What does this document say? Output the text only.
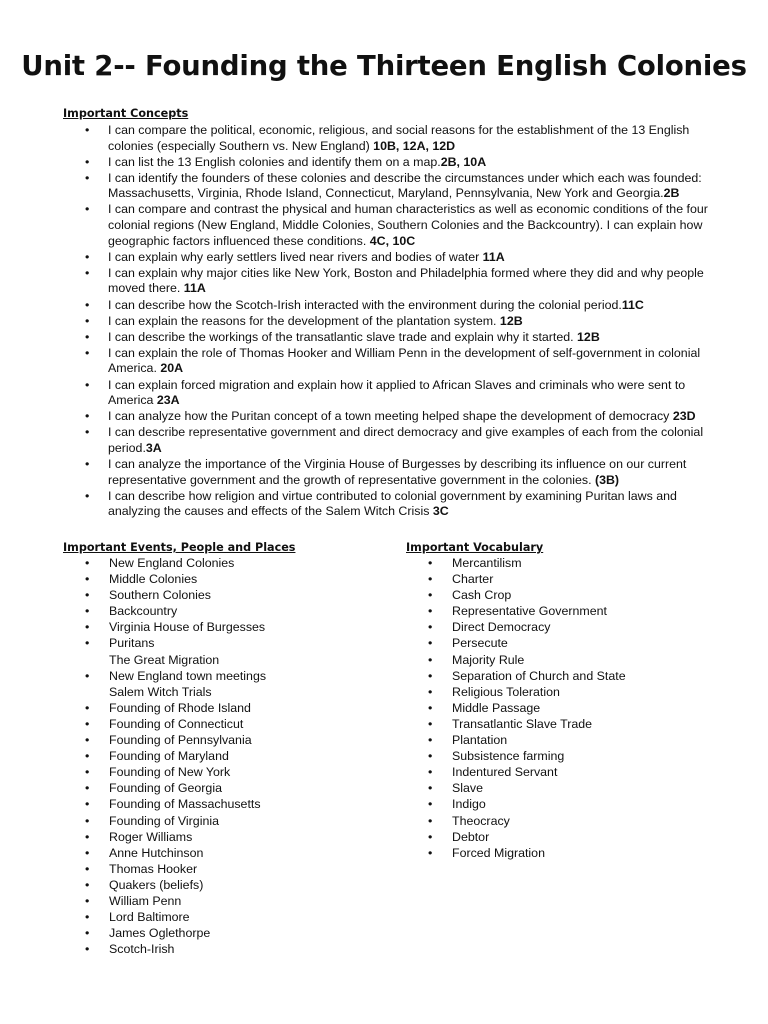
Unit 2-- Founding the Thirteen English Colonies
Important Concepts
• I can compare the political, economic, religious, and social reasons for the establishment of the 13 English colonies (especially Southern vs. New England) 10B, 12A, 12D
• I can list the 13 English colonies and identify them on a map.2B, 10A
• I can identify the founders of these colonies and describe the circumstances under which each was founded: Massachusetts, Virginia, Rhode Island, Connecticut, Maryland, Pennsylvania, New York and Georgia.2B
• I can compare and contrast the physical and human characteristics as well as economic conditions of the four colonial regions (New England, Middle Colonies, Southern Colonies and the Backcountry). I can explain how geographic factors influenced these conditions. 4C, 10C
• I can explain why early settlers lived near rivers and bodies of water 11A
• I can explain why major cities like New York, Boston and Philadelphia formed where they did and why people moved there. 11A
• I can describe how the Scotch-Irish interacted with the environment during the colonial period.11C
• I can explain the reasons for the development of the plantation system. 12B
• I can describe the workings of the transatlantic slave trade and explain why it started. 12B
• I can explain the role of Thomas Hooker and William Penn in the development of self-government in colonial America. 20A
• I can explain forced migration and explain how it applied to African Slaves and criminals who were sent to America 23A
• I can analyze how the Puritan concept of a town meeting helped shape the development of democracy 23D
• I can describe representative government and direct democracy and give examples of each from the colonial period.3A
• I can analyze the importance of the Virginia House of Burgesses by describing its influence on our current representative government and the growth of representative government in the colonies. (3B)
• I can describe how religion and virtue contributed to colonial government by examining Puritan laws and analyzing the causes and effects of the Salem Witch Crisis 3C
Important Events, People and Places
• New England Colonies
• Middle Colonies
• Southern Colonies
• Backcountry
• Virginia House of Burgesses
• Puritans
The Great Migration
• New England town meetings
Salem Witch Trials
• Founding of Rhode Island
• Founding of Connecticut
• Founding of Pennsylvania
• Founding of Maryland
• Founding of New York
• Founding of Georgia
• Founding of Massachusetts
• Founding of Virginia
• Roger Williams
• Anne Hutchinson
• Thomas Hooker
• Quakers (beliefs)
• William Penn
• Lord Baltimore
• James Oglethorpe
• Scotch-Irish
Important Vocabulary
• Mercantilism
• Charter
• Cash Crop
• Representative Government
• Direct Democracy
• Persecute
• Majority Rule
• Separation of Church and State
• Religious Toleration
• Middle Passage
• Transatlantic Slave Trade
• Plantation
• Subsistence farming
• Indentured Servant
• Slave
• Indigo
• Theocracy
• Debtor
• Forced Migration
